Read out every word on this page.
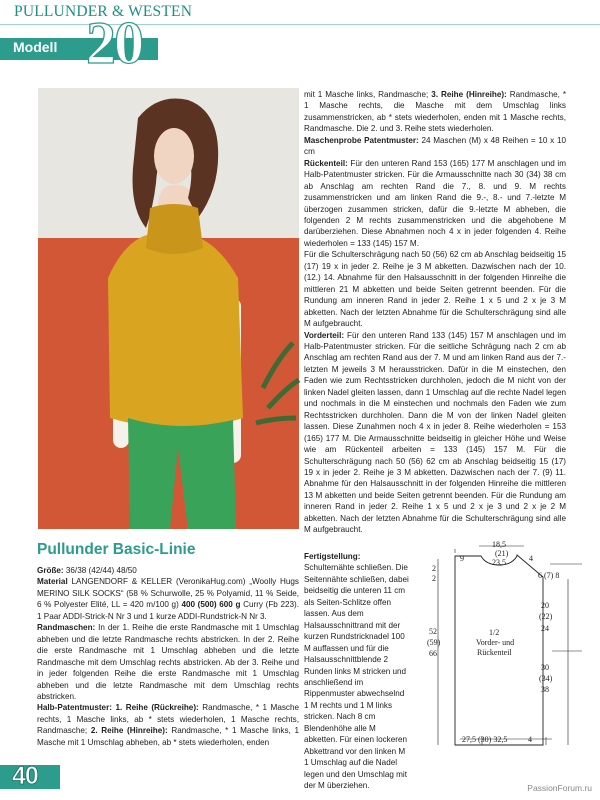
PULLUNDER & WESTEN
20
Modell
Pullunder Basic-Linie

Größe: 36/38 (42/44) 48/50

Material LANGENDORF & KELLER (VeronikaHug.com) „Woolly Hugs MERINO SILK SOCKS“ (58 % Schurwolle, 25 % Polyamid, 11 % Seide, 6 % Polyester Elité, LL = 420 m/100 g) 400 (500) 600 g Curry (Fb 223). 1 Paar ADDI-Strick-N Nr 3 und 1 kurze ADDI-Rundstrick-N Nr 3.

Randmaschen: In der 1. Reihe die erste Randmasche mit 1 Umschlag abheben und die letzte Randmasche rechts abstricken. In der 2. Reihe die erste Randmasche mit 1 Umschlag abheben und die letzte Randmasche mit dem Umschlag rechts abstricken. Ab der 3. Reihe und in jeder folgenden Reihe die erste Randmasche mit 1 Umschlag abheben und die letzte Randmasche mit dem Umschlag rechts abstricken.

Halb-Patentmuster: 1. Reihe (Rückreihe): Randmasche, * 1 Masche rechts, 1 Masche links, ab * stets wiederholen, 1 Masche rechts, Randmasche; 2. Reihe (Hinreihe): Randmasche, * 1 Masche links, 1 Masche mit 1 Umschlag abheben, ab * stets wiederholen, enden

mit 1 Masche links, Randmasche; 3. Reihe (Hinreihe): Randmasche, * 1 Masche rechts, die Masche mit dem Umschlag links zusammenstricken, ab * stets wiederholen, enden mit 1 Masche rechts, Randmasche. Die 2. und 3. Reihe stets wiederholen.

Maschenprobe Patentmuster: 24 Maschen (M) x 48 Reihen = 10 x 10 cm

Rückenteil: Für den unteren Rand 153 (165) 177 M anschlagen und im Halb-Patentmuster stricken. Für die Armausschnitte nach 30 (34) 38 cm ab Anschlag am rechten Rand die 7., 8. und 9. M rechts zusammenstricken und am linken Rand die 9.-, 8.- und 7.-letzte M überzogen zusammen stricken, dafür die 9.-letzte M abheben, die folgenden 2 M rechts zusammenstricken und die abgehobene M darüberziehen. Diese Abnahmen noch 4 x in jeder folgenden 4. Reihe wiederholen = 133 (145) 157 M.

Für die Schulterschrägung nach 50 (56) 62 cm ab Anschlag beidseitig 15 (17) 19 x in jeder 2. Reihe je 3 M abketten. Dazwischen nach der 10. (12.) 14. Abnahme für den Halsausschnitt in der folgenden Hinreihe die mittleren 21 M abketten und beide Seiten getrennt beenden. Für die Rundung am inneren Rand in jeder 2. Reihe 1 x 5 und 2 x je 3 M abketten. Nach der letzten Abnahme für die Schulterschrägung sind alle M aufgebraucht.

Vorderteil: Für den unteren Rand 133 (145) 157 M anschlagen und im Halb-Patentmuster stricken. Für die seitliche Schrägung nach 2 cm ab Anschlag am rechten Rand aus der 7. M und am linken Rand aus der 7.-letzten M jeweils 3 M herausstricken. Dafür in die M einstechen, den Faden wie zum Rechtsstricken durchholen, jedoch die M nicht von der linken Nadel gleiten lassen, dann 1 Umschlag auf die rechte Nadel legen und nochmals in die M einstechen und nochmals den Faden wie zum Rechtsstricken durchholen. Dann die M von der linken Nadel gleiten lassen. Diese Zunahmen noch 4 x in jeder 8. Reihe wiederholen = 153 (165) 177 M. Die Armausschnitte beidseitig in gleicher Höhe und Weise wie am Rückenteil arbeiten = 133 (145) 157 M. Für die Schulterschrägung nach 50 (56) 62 cm ab Anschlag beidseitig 15 (17) 19 x in jeder 2. Reihe je 3 M abketten. Dazwischen nach der 7. (9) 11. Abnahme für den Halsausschnitt in der folgenden Hinreihe die mittleren 13 M abketten und beide Seiten getrennt beenden. Für die Rundung am inneren Rand in jeder 2. Reihe 1 x 5 und 2 x je 3 und 2 x je 2 M abketten. Nach der letzten Abnahme für die Schulterschrägung sind alle M aufgebraucht.

Fertigstellung: Schulternähte schließen. Die Seitennähte schließen, dabei beidseitig die unteren 11 cm als Seiten-Schlitze offen lassen. Aus dem Halsausschnittrand mit der kurzen Rundstricknadel 100 M auffassen und für die Halsausschnittblende 2 Runden links M stricken und anschließend im Rippenmuster abwechselnd 1 M rechts und 1 M links stricken. Nach 8 cm Blendenhöhe alle M abketten. Für einen lockeren Abkettrand vor den linken M 1 Umschlag auf die Nadel legen und den Umschlag mit der M überziehen.
18,5
(21)
23,5
9	4
2
2	6 (7) 8
20
(22)
24
52
(59)
66
1/2
Vorder- und
Rückenteil
30
(34)
38
27,5 (30) 32,5	4
40	PassionForum.ru
